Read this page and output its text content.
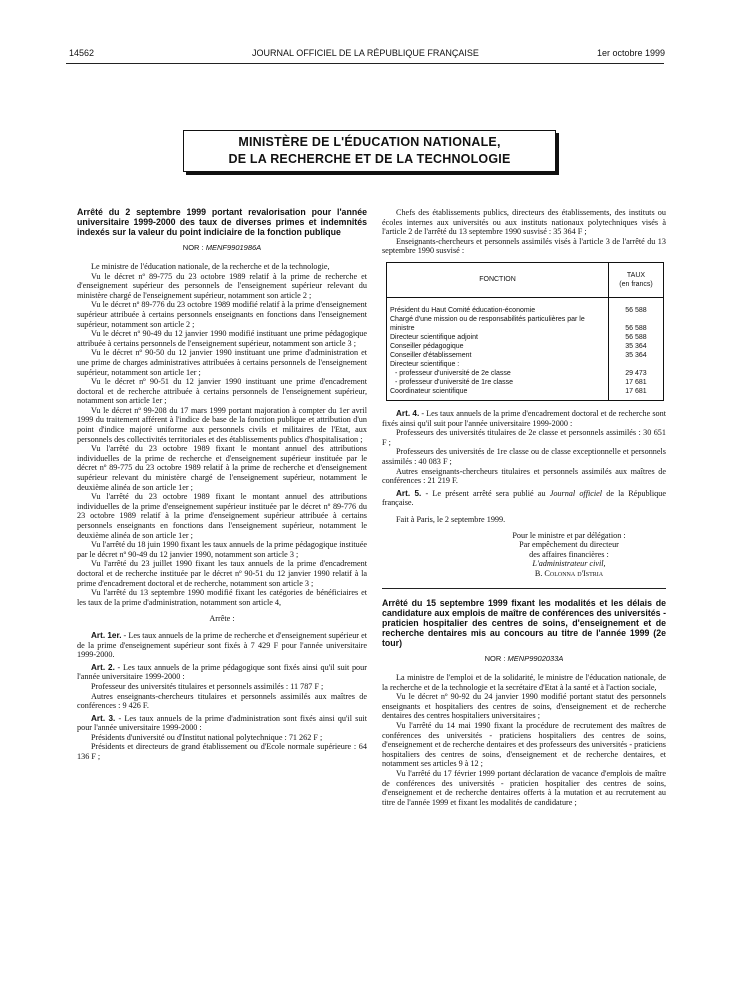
14562	JOURNAL OFFICIEL DE LA RÉPUBLIQUE FRANÇAISE	1er octobre 1999
MINISTÈRE DE L'ÉDUCATION NATIONALE,
DE LA RECHERCHE ET DE LA TECHNOLOGIE
Arrêté du 2 septembre 1999 portant revalorisation pour l'année universitaire 1999-2000 des taux de diverses primes et indemnités indexés sur la valeur du point indiciaire de la fonction publique
NOR : MENF9901986A

Le ministre de l'éducation nationale, de la recherche et de la technologie,

Vu le décret nº 89-775 du 23 octobre 1989 relatif à la prime de recherche et d'enseignement supérieur des personnels de l'enseignement supérieur relevant du ministère chargé de l'enseignement supérieur, notamment son article 2 ;

Vu le décret nº 89-776 du 23 octobre 1989 modifié relatif à la prime d'enseignement supérieur attribuée à certains personnels enseignants en fonctions dans l'enseignement supérieur, notamment son article 2 ;

Vu le décret nº 90-49 du 12 janvier 1990 modifié instituant une prime pédagogique attribuée à certains personnels de l'enseignement supérieur, notamment son article 3 ;

Vu le décret nº 90-50 du 12 janvier 1990 instituant une prime d'administration et une prime de charges administratives attribuées à certains personnels de l'enseignement supérieur, notamment son article 1er ;

Vu le décret nº 90-51 du 12 janvier 1990 instituant une prime d'encadrement doctoral et de recherche attribuée à certains personnels de l'enseignement supérieur, notamment son article 1er ;

Vu le décret nº 99-208 du 17 mars 1999 portant majoration à compter du 1er avril 1999 du traitement afférent à l'indice de base de la fonction publique et attribution d'un point d'indice majoré uniforme aux personnels civils et militaires de l'Etat, aux personnels des collectivités territoriales et des établissements publics d'hospitalisation ;

Vu l'arrêté du 23 octobre 1989 fixant le montant annuel des attributions individuelles de la prime de recherche et d'enseignement supérieur instituée par le décret nº 89-775 du 23 octobre 1989 relatif à la prime de recherche et d'enseignement supérieur relevant du ministère chargé de l'enseignement supérieur, notamment le deuxième alinéa de son article 1er ;

Vu l'arrêté du 23 octobre 1989 fixant le montant annuel des attributions individuelles de la prime d'enseignement supérieur instituée par le décret nº 89-776 du 23 octobre 1989 relatif à la prime d'enseignement supérieur attribuée à certains personnels enseignants en fonctions dans l'enseignement supérieur, notamment le deuxième alinéa de son article 1er ;

Vu l'arrêté du 18 juin 1990 fixant les taux annuels de la prime pédagogique instituée par le décret nº 90-49 du 12 janvier 1990, notamment son article 3 ;

Vu l'arrêté du 23 juillet 1990 fixant les taux annuels de la prime d'encadrement doctoral et de recherche instituée par le décret nº 90-51 du 12 janvier 1990 relatif à la prime d'encadrement doctoral et de recherche, notamment son article 3 ;

Vu l'arrêté du 13 septembre 1990 modifié fixant les catégories de bénéficiaires et les taux de la prime d'administration, notamment son article 4,

Arrête :

Art. 1er. - Les taux annuels de la prime de recherche et d'enseignement supérieur et de la prime d'enseignement supérieur sont fixés à 7 429 F pour l'année universitaire 1999-2000.

Art. 2. - Les taux annuels de la prime pédagogique sont fixés ainsi qu'il suit pour l'année universitaire 1999-2000 :

Professeur des universités titulaires et personnels assimilés : 11 787 F ;

Autres enseignants-chercheurs titulaires et personnels assimilés aux maîtres de conférences : 9 426 F.

Art. 3. - Les taux annuels de la prime d'administration sont fixés ainsi qu'il suit pour l'année universitaire 1999-2000 :

Présidents d'université ou d'Institut national polytechnique : 71 262 F ;

Présidents et directeurs de grand établissement ou d'Ecole normale supérieure : 64 136 F ;

Chefs des établissements publics, directeurs des établissements, des instituts ou écoles internes aux universités ou aux instituts nationaux polytechniques visés à l'article 2 de l'arrêté du 13 septembre 1990 susvisé : 35 364 F ;

Enseignants-chercheurs et personnels assimilés visés à l'article 3 de l'arrêté du 13 septembre 1990 susvisé :

FONCTION	TAUX
(en francs)

Président du Haut Comité éducation-économie	56 588
Chargé d'une mission ou de responsabilités particulières par le ministre	56 588
Directeur scientifique adjoint	56 588
Conseiller pédagogique	35 364
Conseiller d'établissement	35 364
Directeur scientifique :	
- professeur d'université de 2e classe	29 473
- professeur d'université de 1re classe	17 681
Coordinateur scientifique	17 681

Art. 4. - Les taux annuels de la prime d'encadrement doctoral et de recherche sont fixés ainsi qu'il suit pour l'année universitaire 1999-2000 :

Professeurs des universités titulaires de 2e classe et personnels assimilés : 30 651 F ;

Professeurs des universités de 1re classe ou de classe exceptionnelle et personnels assimilés : 40 083 F ;

Autres enseignants-chercheurs titulaires et personnels assimilés aux maîtres de conférences : 21 219 F.

Art. 5. - Le présent arrêté sera publié au Journal officiel de la République française.

Fait à Paris, le 2 septembre 1999.

Pour le ministre et par délégation :

Par empêchement du directeur

des affaires financières :

L'administrateur civil,

B. Colonna d'Istria

Arrêté du 15 septembre 1999 fixant les modalités et les délais de candidature aux emplois de maître de conférences des universités - praticien hospitalier des centres de soins, d'enseignement et de recherche dentaires mis au concours au titre de l'année 1999 (2e tour)
NOR : MENP9902033A

La ministre de l'emploi et de la solidarité, le ministre de l'éducation nationale, de la recherche et de la technologie et la secrétaire d'Etat à la santé et à l'action sociale,

Vu le décret nº 90-92 du 24 janvier 1990 modifié portant statut des personnels enseignants et hospitaliers des centres de soins, d'enseignement et de recherche dentaires des centres hospitaliers universitaires ;

Vu l'arrêté du 14 mai 1990 fixant la procédure de recrutement des maîtres de conférences des universités - praticiens hospitaliers des centres de soins, d'enseignement et de recherche dentaires et des professeurs des universités - praticiens hospitaliers des centres de soins, d'enseignement et de recherche dentaires, et notamment ses articles 9 à 12 ;

Vu l'arrêté du 17 février 1999 portant déclaration de vacance d'emplois de maître de conférences des universités - praticien hospitalier des centres de soins, d'enseignement et de recherche dentaires offerts à la mutation et au recrutement au titre de l'année 1999 et fixant les modalités de candidature ;
